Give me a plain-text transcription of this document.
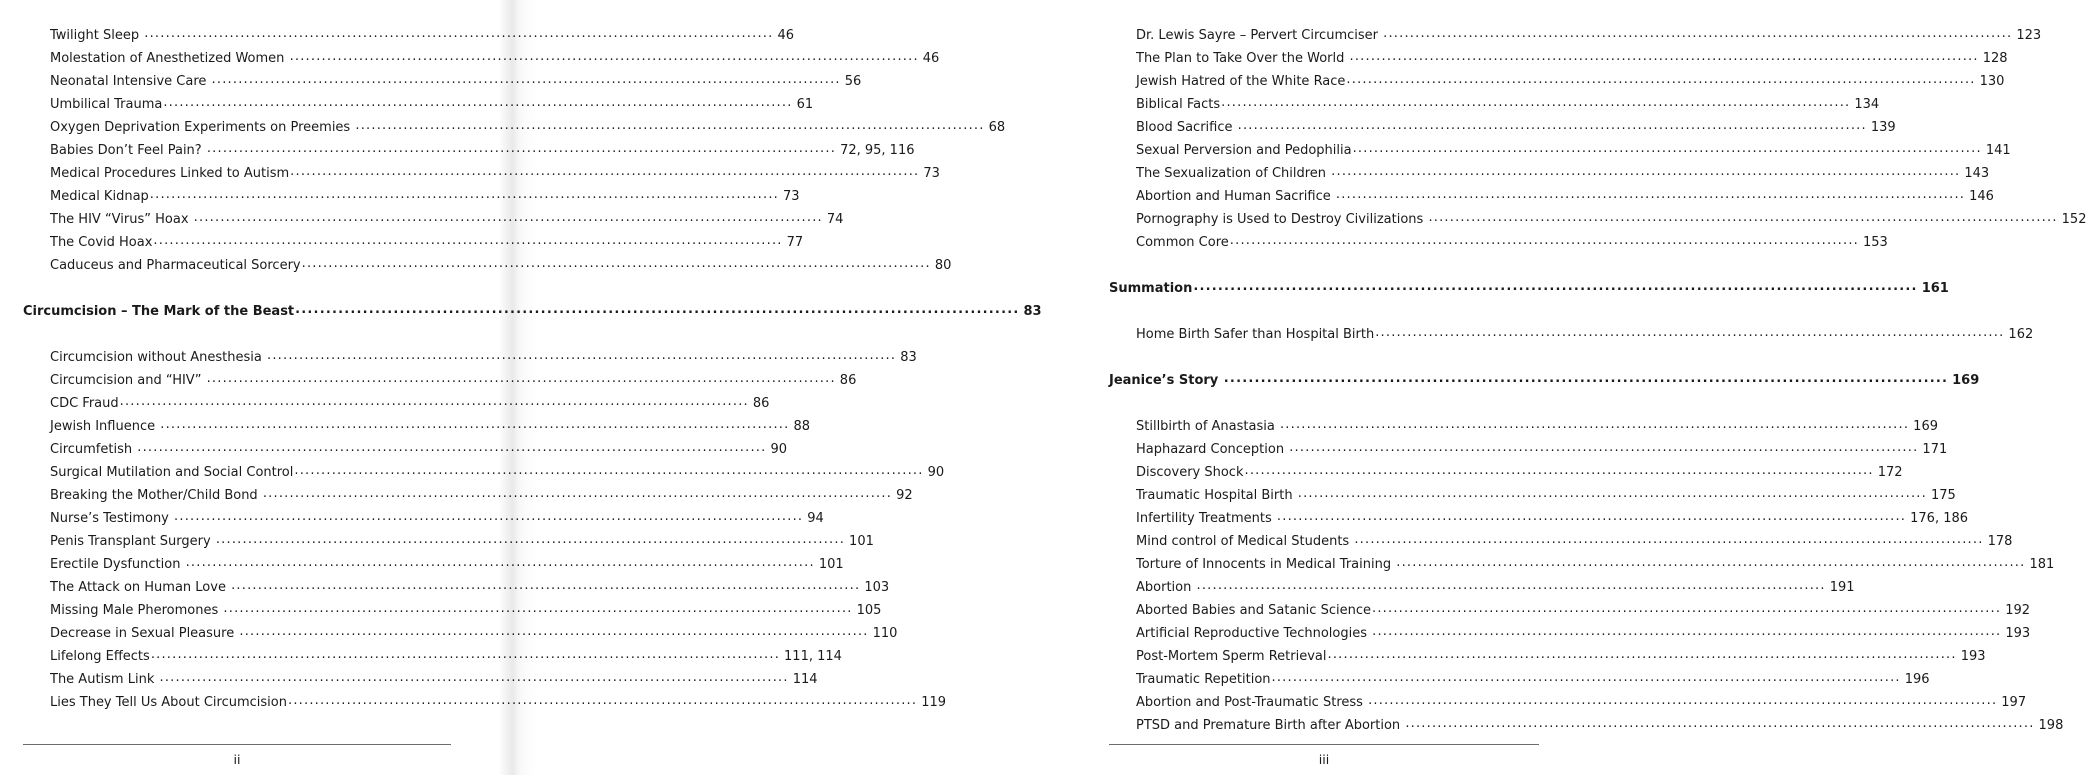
Twilight Sleep .....	46
Molestation of Anesthetized Women .....	46
Neonatal Intensive Care .....	56
Umbilical Trauma .....	61
Oxygen Deprivation Experiments on Preemies .....	68
Babies Don’t Feel Pain? .....	72, 95, 116
Medical Procedures Linked to Autism .....	73
Medical Kidnap .....	73
The HIV “Virus” Hoax .....	74
The Covid Hoax .....	77
Caduceus and Pharmaceutical Sorcery .....	80
Circumcision – The Mark of the Beast .....	83
Circumcision without Anesthesia .....	83
Circumcision and “HIV” .....	86
CDC Fraud .....	86
Jewish Influence .....	88
Circumfetish .....	90
Surgical Mutilation and Social Control .....	90
Breaking the Mother/Child Bond .....	92
Nurse’s Testimony .....	94
Penis Transplant Surgery .....	101
Erectile Dysfunction .....	101
The Attack on Human Love .....	103
Missing Male Pheromones .....	105
Decrease in Sexual Pleasure .....	110
Lifelong Effects .....	111, 114
The Autism Link .....	114
Lies They Tell Us About Circumcision .....	119
ii
Dr. Lewis Sayre – Pervert Circumciser .....	123
The Plan to Take Over the World .....	128
Jewish Hatred of the White Race .....	130
Biblical Facts .....	134
Blood Sacrifice .....	139
Sexual Perversion and Pedophilia .....	141
The Sexualization of Children .....	143
Abortion and Human Sacrifice .....	146
Pornography is Used to Destroy Civilizations .....	152
Common Core .....	153
Summation .....	161
Home Birth Safer than Hospital Birth .....	162
Jeanice’s Story .....	169
Stillbirth of Anastasia .....	169
Haphazard Conception .....	171
Discovery Shock .....	172
Traumatic Hospital Birth .....	175
Infertility Treatments .....	176, 186
Mind control of Medical Students .....	178
Torture of Innocents in Medical Training .....	181
Abortion .....	191
Aborted Babies and Satanic Science .....	192
Artificial Reproductive Technologies .....	193
Post-Mortem Sperm Retrieval .....	193
Traumatic Repetition .....	196
Abortion and Post-Traumatic Stress .....	197
PTSD and Premature Birth after Abortion .....	198
iii
